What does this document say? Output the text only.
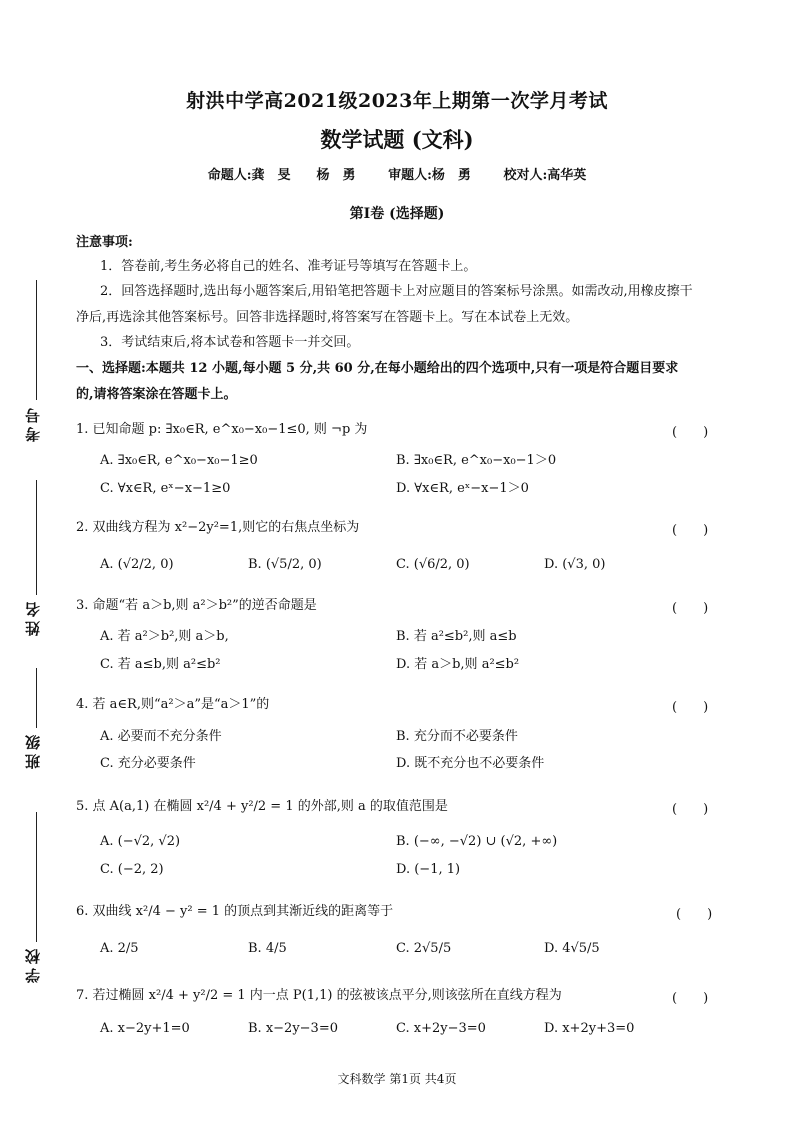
考号
姓名
班级
学校
射洪中学高2021级2023年上期第一次学月考试
数学试题 (文科)
命题人:龚　旻　　杨　勇	审题人:杨　勇	校对人:高华英
第Ⅰ卷 (选择题)
注意事项:
1．答卷前,考生务必将自己的姓名、准考证号等填写在答题卡上。
2．回答选择题时,选出每小题答案后,用铅笔把答题卡上对应题目的答案标号涂黑。如需改动,用橡皮擦干
净后,再选涂其他答案标号。回答非选择题时,将答案写在答题卡上。写在本试卷上无效。
3．考试结束后,将本试卷和答题卡一并交回。
一、选择题:本题共 12 小题,每小题 5 分,共 60 分,在每小题给出的四个选项中,只有一项是符合题目要求
的,请将答案涂在答题卡上。
1. 已知命题 p: ∃x₀∈R, e^x₀−x₀−1≤0, 则 ¬p 为	(　　)
A. ∃x₀∈R, e^x₀−x₀−1≥0	B. ∃x₀∈R, e^x₀−x₀−1＞0
C. ∀x∈R, eˣ−x−1≥0	D. ∀x∈R, eˣ−x−1＞0
2. 双曲线方程为 x²−2y²=1,则它的右焦点坐标为	(　　)
A. (√2/2, 0)	B. (√5/2, 0)	C. (√6/2, 0)	D. (√3, 0)
3. 命题“若 a＞b,则 a²＞b²”的逆否命题是	(　　)
A. 若 a²＞b²,则 a＞b,	B. 若 a²≤b²,则 a≤b
C. 若 a≤b,则 a²≤b²	D. 若 a＞b,则 a²≤b²
4. 若 a∈R,则“a²＞a”是“a＞1”的	(　　)
A. 必要而不充分条件	B. 充分而不必要条件
C. 充分必要条件	D. 既不充分也不必要条件
5. 点 A(a,1) 在椭圆 x²/4 + y²/2 = 1 的外部,则 a 的取值范围是	(　　)
A. (−√2, √2)	B. (−∞, −√2) ∪ (√2, +∞)
C. (−2, 2)	D. (−1, 1)
6. 双曲线 x²/4 − y² = 1 的顶点到其渐近线的距离等于	(　　)
A. 2/5	B. 4/5	C. 2√5/5	D. 4√5/5
7. 若过椭圆 x²/4 + y²/2 = 1 内一点 P(1,1) 的弦被该点平分,则该弦所在直线方程为	(　　)
A. x−2y+1=0	B. x−2y−3=0	C. x+2y−3=0	D. x+2y+3=0
文科数学 第1页 共4页
